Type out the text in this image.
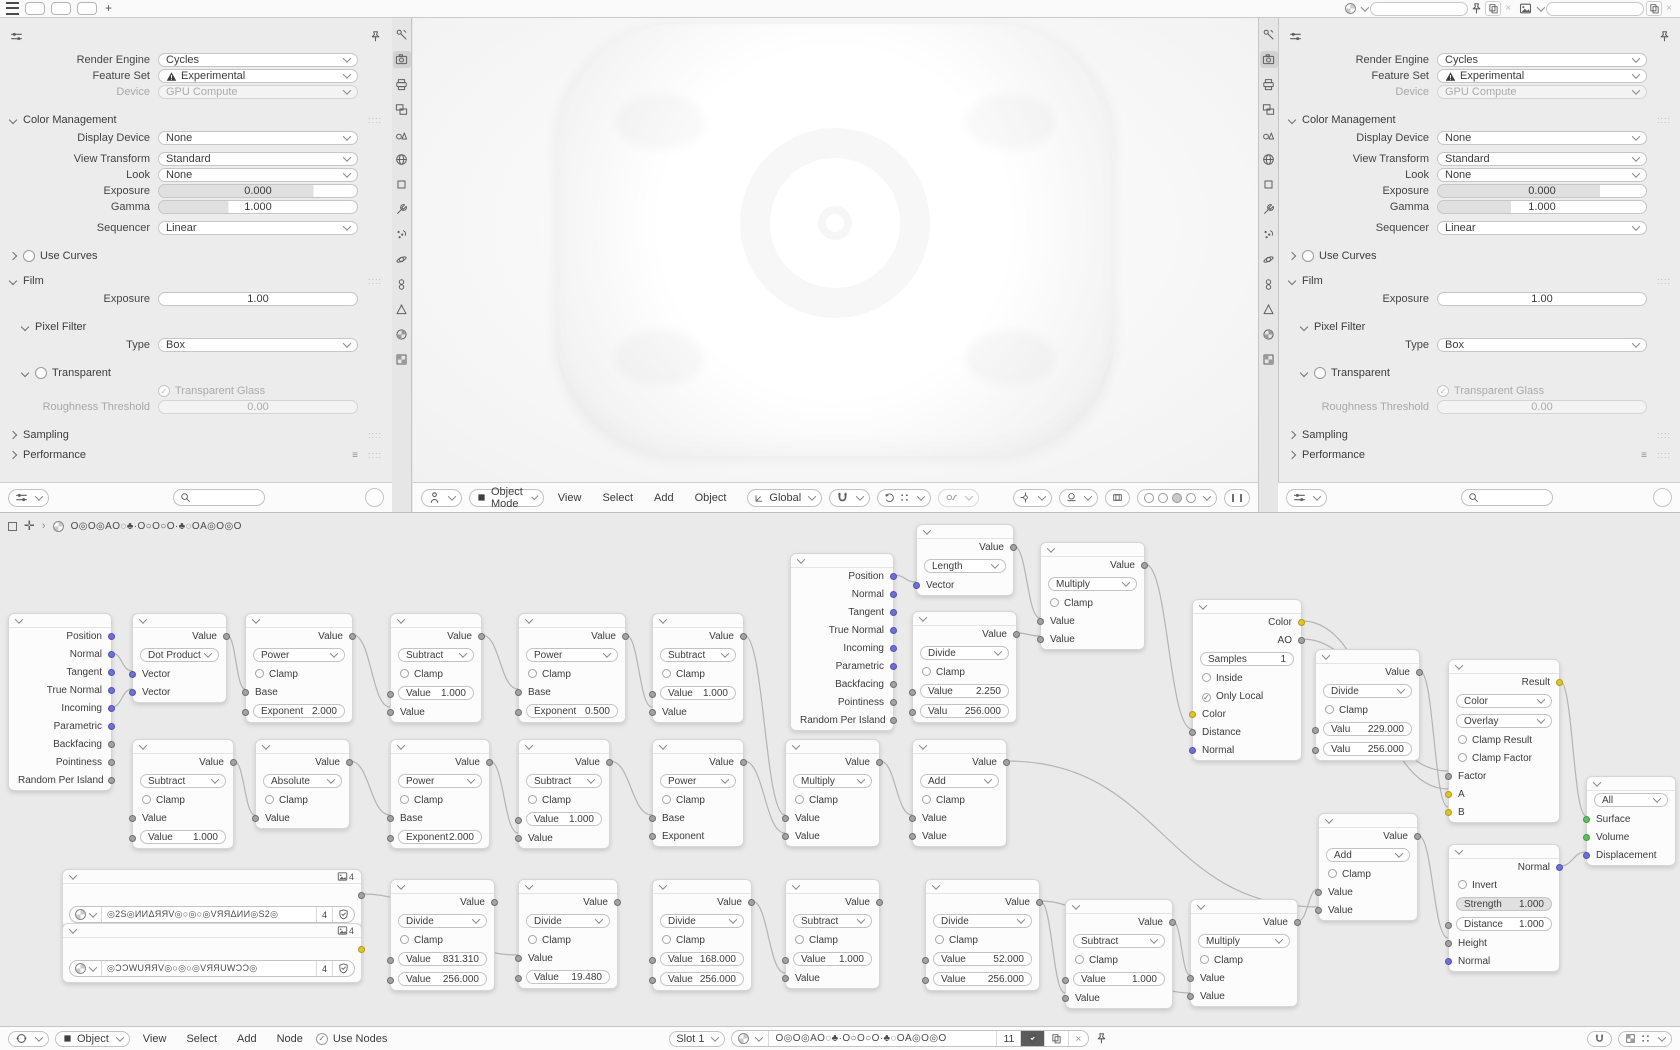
+	×	×
Render Engine	Cycles
Feature Set	Experimental
Device	GPU Compute
Color Management	::::
Display Device	None
View Transform	Standard
Look	None
Exposure	0.000
Gamma	1.000
Sequencer	Linear
Use Curves
Film	::::
Exposure	1.00
Pixel Filter
Type	Box
Transparent
✓ Transparent Glass
Roughness Threshold	0.00
Sampling	::::
Performance	≡ ::::
Object Mode	View	Select	Add	Object	Global
Render Engine	Cycles
Feature Set	Experimental
Device	GPU Compute
Color Management	::::
Display Device	None
View Transform	Standard
Look	None
Exposure	0.000
Gamma	1.000
Sequencer	Linear
Use Curves
Film	::::
Exposure	1.00
Pixel Filter
Type	Box
Transparent
✓ Transparent Glass
Roughness Threshold	0.00
Sampling	::::
Performance	≡ ::::
✛ ›	O◎O◎AO◌♣·O○O○O·♣◌OA◎O◎O
Position
Normal
Tangent
True Normal
Incoming
Parametric
Backfacing
Pointiness
Random Per Island
Value
Dot Product
Vector
Vector
Value
Power
Clamp
Base
Exponent 2.000
Value
Subtract
Clamp
Value 1.000
Value
Value
Power
Clamp
Base
Exponent 0.500
Value
Subtract
Clamp
Value 1.000
Value
Value
Subtract
Clamp
Value
Value 1.000
Value
Absolute
Clamp
Value
Value
Power
Clamp
Base
Exponent 2.000
Value
Subtract
Clamp
Value 1.000
Value
Value
Power
Clamp
Base
Exponent
Value
Multiply
Clamp
Value
Value
Value
Add
Clamp
Value
Value
Position
Normal
Tangent
True Normal
Incoming
Parametric
Backfacing
Pointiness
Random Per Island
Value
Length
Vector
Value
Divide
Clamp
Value 2.250
Valu 256.000
Value
Multiply
Clamp
Value
Value
Color
AO
Samples	1
Inside
✓ Only Local
Color
Distance
Normal
Value
Divide
Clamp
Valu 229.000
Valu 256.000
Result
Color
Overlay
Clamp Result
Clamp Factor
Factor
A
B
Value
Add
Clamp
Value
Value
All
Surface
Volume
Displacement
Normal
Invert
Strength 1.000
Distance 1.000
Height
Normal
4
◎2S◎ИИΔЯЯV◎○◎○◎VЯЯΔИИ◎S2◎	4
4
◎ƆƆWUЯЯV◎○◎○◎VЯЯUWƆƆ◎	4
Value
Divide
Clamp
Value 831.310
Value 256.000
Value
Divide
Clamp
Value
Value 19.480
Value
Divide
Clamp
Value 168.000
Value 256.000
Value
Subtract
Clamp
Value 1.000
Value
Value
Divide
Clamp
Value	52.000
Value 256.000
Value
Subtract
Clamp
Value	1.000
Value
Value
Multiply
Clamp
Value
Value
Object	View	Select	Add	Node	✓ Use Nodes	Slot 1	O◎O◎AO◌♣·O○O○O·♣◌OA◎O◎O	11	×
